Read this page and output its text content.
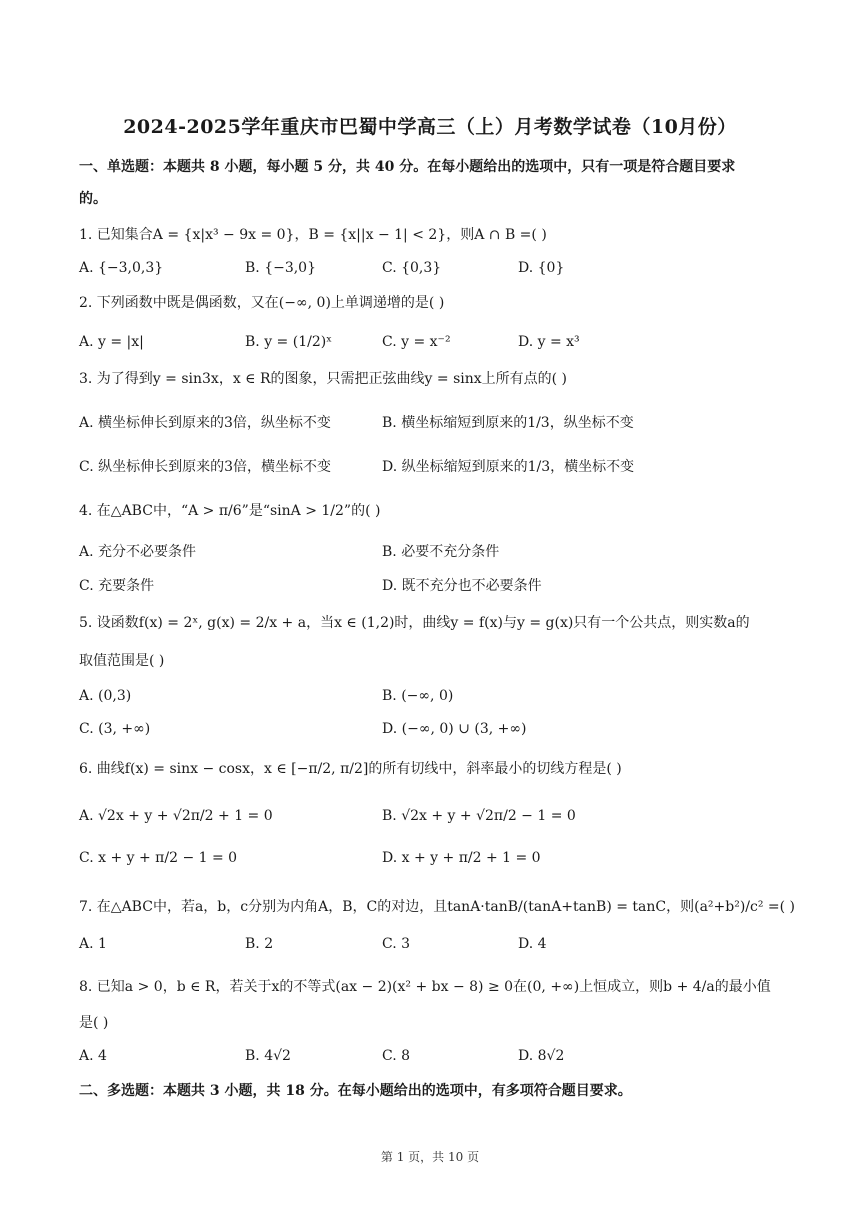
2024-2025学年重庆市巴蜀中学高三（上）月考数学试卷（10月份）
一、单选题：本题共 8 小题，每小题 5 分，共 40 分。在每小题给出的选项中，只有一项是符合题目要求
的。
1. 已知集合A = {x|x³ − 9x = 0}，B = {x||x − 1| < 2}，则A ∩ B =( )
A. {−3,0,3}	B. {−3,0}	C. {0,3}	D. {0}
2. 下列函数中既是偶函数，又在(−∞, 0)上单调递增的是( )
A. y = |x|	B. y = (1/2)ˣ	C. y = x⁻²	D. y = x³
3. 为了得到y = sin3x，x ∈ R的图象，只需把正弦曲线y = sinx上所有点的( )
A. 横坐标伸长到原来的3倍，纵坐标不变	B. 横坐标缩短到原来的1/3，纵坐标不变
C. 纵坐标伸长到原来的3倍，横坐标不变	D. 纵坐标缩短到原来的1/3，横坐标不变
4. 在△ABC中，“A > π/6”是“sinA > 1/2”的( )
A. 充分不必要条件	B. 必要不充分条件
C. 充要条件	D. 既不充分也不必要条件
5. 设函数f(x) = 2ˣ, g(x) = 2/x + a，当x ∈ (1,2)时，曲线y = f(x)与y = g(x)只有一个公共点，则实数a的
取值范围是( )
A. (0,3)	B. (−∞, 0)
C. (3, +∞)	D. (−∞, 0) ∪ (3, +∞)
6. 曲线f(x) = sinx − cosx，x ∈ [−π/2, π/2]的所有切线中，斜率最小的切线方程是( )
A. √2x + y + √2π/2 + 1 = 0	B. √2x + y + √2π/2 − 1 = 0
C. x + y + π/2 − 1 = 0	D. x + y + π/2 + 1 = 0
7. 在△ABC中，若a，b，c分别为内角A，B，C的对边，且tanA·tanB/(tanA+tanB) = tanC，则(a²+b²)/c² =( )
A. 1	B. 2	C. 3	D. 4
8. 已知a > 0，b ∈ R，若关于x的不等式(ax − 2)(x² + bx − 8) ≥ 0在(0, +∞)上恒成立，则b + 4/a的最小值
是( )
A. 4	B. 4√2	C. 8	D. 8√2
二、多选题：本题共 3 小题，共 18 分。在每小题给出的选项中，有多项符合题目要求。
第 1 页，共 10 页
